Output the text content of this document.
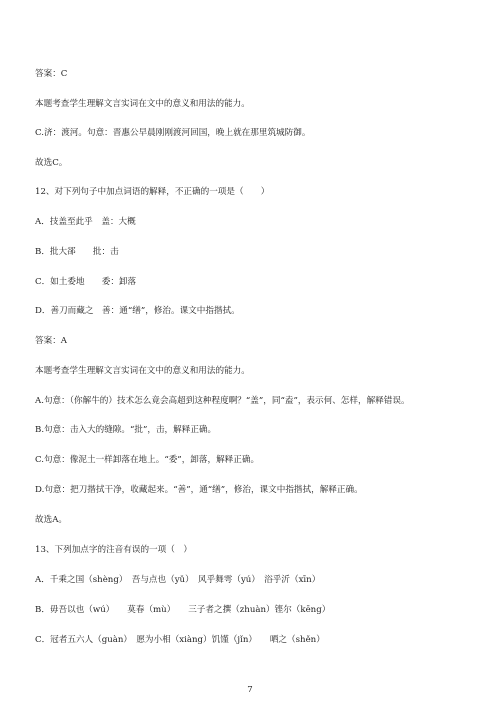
答案：C
本题考查学生理解文言实词在文中的意义和用法的能力。
C.济：渡河。句意：晋惠公早晨刚刚渡河回国，晚上就在那里筑城防御。
故选C。
12、对下列句子中加点词语的解释，不正确的一项是（　　）
A．技盖至此乎　盖：大概
B．批大郤　　批：击
C．如土委地　　委：卸落
D．善刀而藏之　善：通“缮”，修治。课文中指揩拭。
答案：A
本题考查学生理解文言实词在文中的意义和用法的能力。
A.句意：（你解牛的）技术怎么竟会高超到这种程度啊？“盖”，同“盍”，表示何、怎样，解释错误。
B.句意：击入大的缝隙。“批”，击，解释正确。
C.句意：像泥土一样卸落在地上。“委”，卸落，解释正确。
D.句意：把刀揩拭干净，收藏起来。“善”，通“缮”，修治，课文中指揩拭，解释正确。
故选A。
13、下列加点字的注音有误的一项（　）
A．千乘之国（shèng）　吾与点也（yǔ）　风乎舞雩（yú）　浴乎沂（xīn）
B．毋吾以也（wú）　　莫春（mù）　　三子者之撰（zhuàn）铿尔（kēng）
C．冠者五六人（guàn）　愿为小相（xiàng）饥馑（jǐn）　　哂之（shěn）
7
